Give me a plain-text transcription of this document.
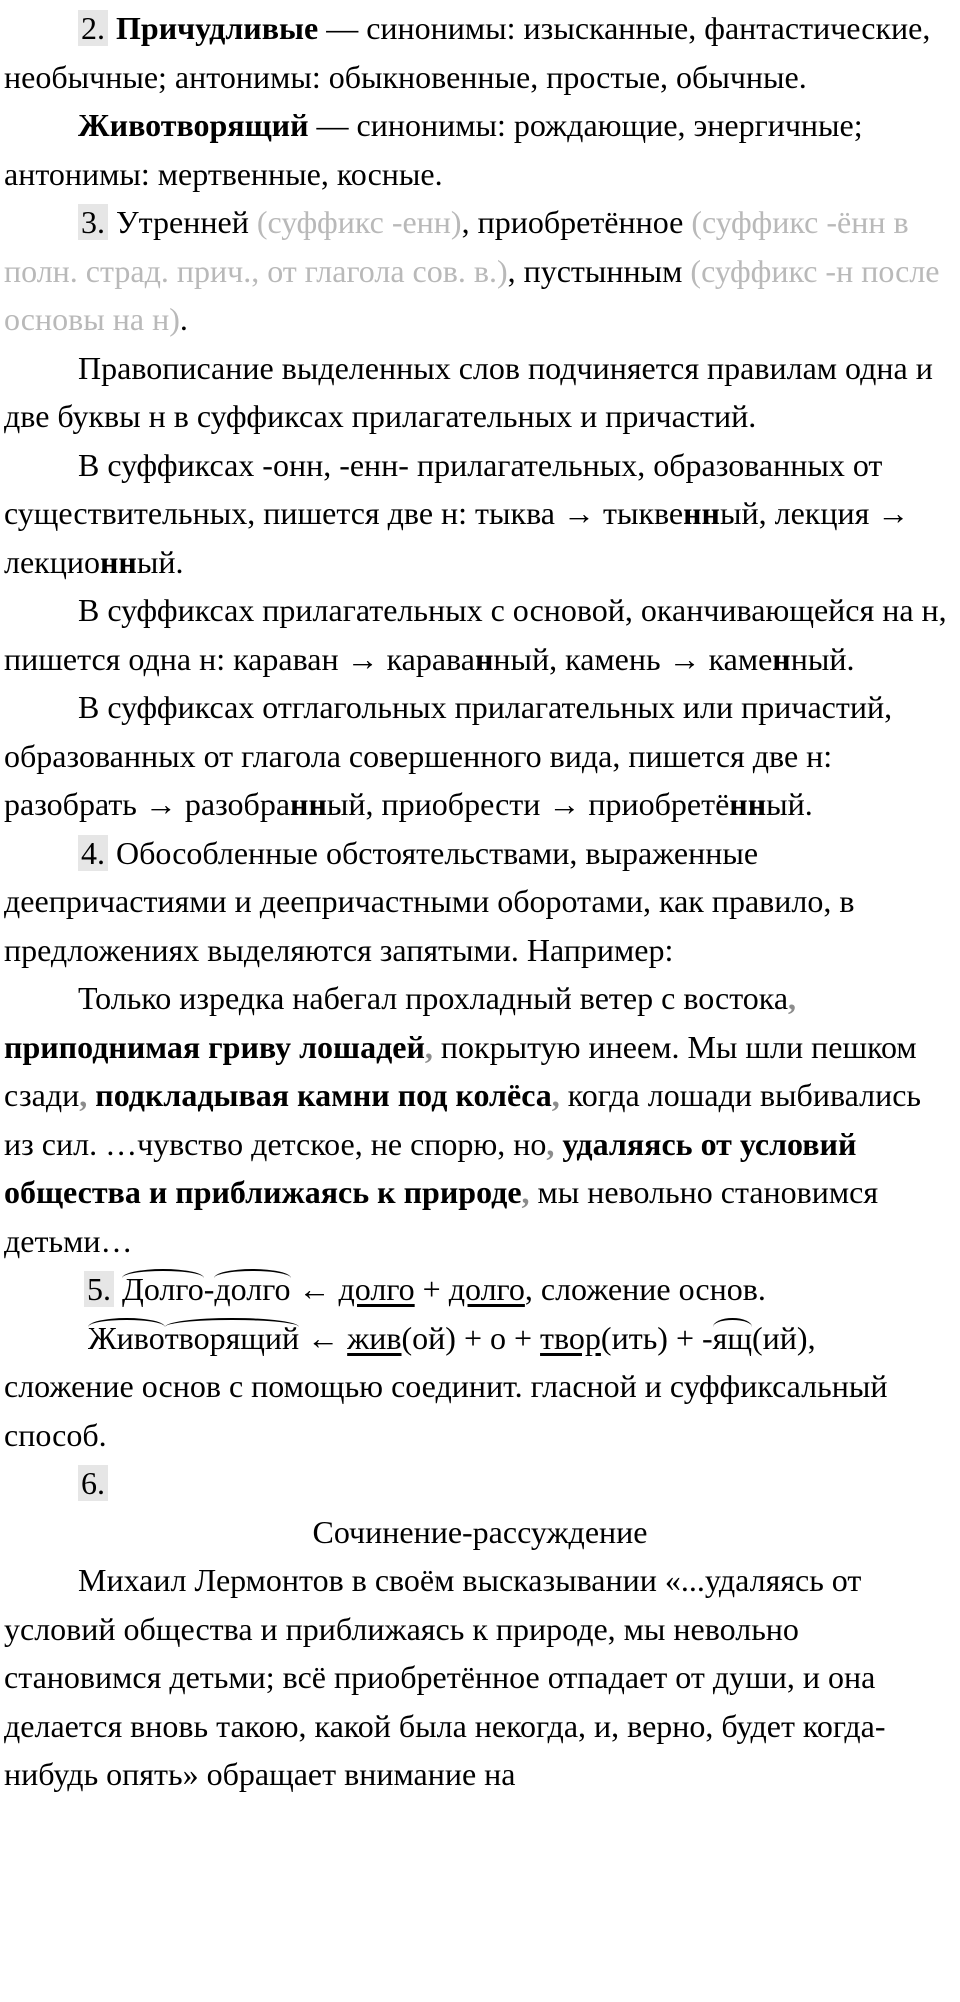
2. Причудливые — синонимы: изысканные, фантастические, необычные; антонимы: обыкновенные, простые, обычные.

Животворящий — синонимы: рождающие, энергичные; антонимы: мертвенные, косные.

3. Утренней (суффикс -енн), приобретённое (суффикс -ённ в полн. страд. прич., от глагола сов. в.), пустынным (суффикс -н после основы на н).

Правописание выделенных слов подчиняется правилам одна и две буквы н в суффиксах прилагательных и причастий.

В суффиксах -онн, -енн- прилагательных, образованных от существительных, пишется две н: тыква → тыквенный, лекция → лекционный.

В суффиксах прилагательных с основой, оканчивающейся на н, пишется одна н: караван → караванный, камень → каменный.

В суффиксах отглагольных прилагательных или причастий, образованных от глагола совершенного вида, пишется две н: разобрать → разобранный, приобрести → приобретённый.

4. Обособленные обстоятельствами, выраженные деепричастиями и деепричастными оборотами, как правило, в предложениях выделяются запятыми. Например:

Только изредка набегал прохладный ветер с востока, приподнимая гриву лошадей, покрытую инеем. Мы шли пешком сзади, подкладывая камни под колёса, когда лошади выбивались из сил. …чувство детское, не спорю, но, удаляясь от условий общества и приближаясь к природе, мы невольно становимся детьми…

5. Долго-долго ← долго + долго, сложение основ.

Животворящий ← жив(ой) + о + твор(ить) + -ящ(ий),

сложение основ с помощью соединит. гласной и суффиксальный способ.

6.

Сочинение-рассуждение

Михаил Лермонтов в своём высказывании «...удаляясь от условий общества и приближаясь к природе, мы невольно становимся детьми; всё приобретённое отпадает от души, и она делается вновь такою, какой была некогда, и, верно, будет когда-нибудь опять» обращает внимание на
